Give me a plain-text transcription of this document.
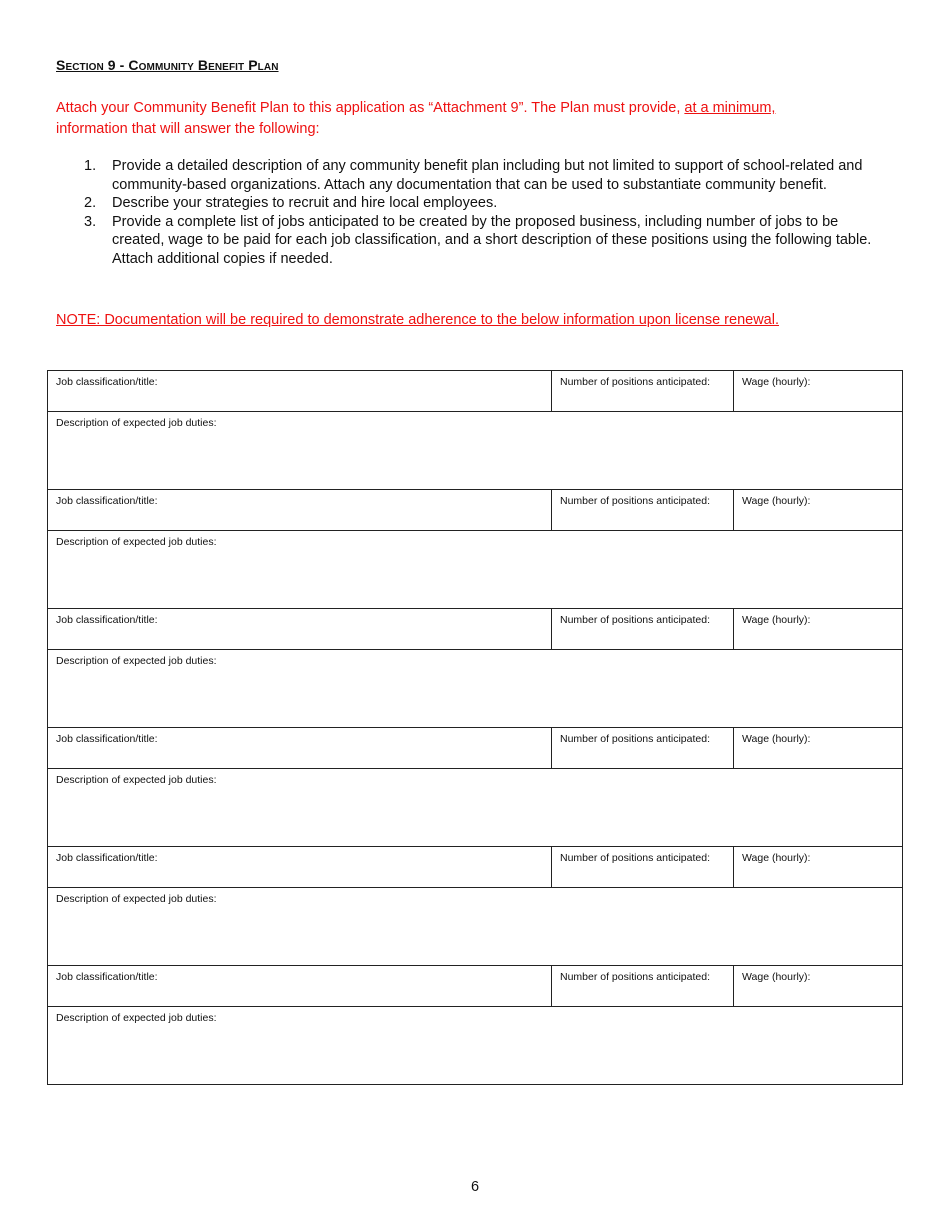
Section 9 - Community Benefit Plan
Attach your Community Benefit Plan to this application as “Attachment 9”. The Plan must provide, at a minimum,
information that will answer the following:
1. Provide a detailed description of any community benefit plan including but not limited to support of school-related and community-based organizations. Attach any documentation that can be used to substantiate community benefit.
2. Describe your strategies to recruit and hire local employees.
3. Provide a complete list of jobs anticipated to be created by the proposed business, including number of jobs to be created, wage to be paid for each job classification, and a short description of these positions using the following table. Attach additional copies if needed.
NOTE: Documentation will be required to demonstrate adherence to the below information upon license renewal.
Job classification/title:	Number of positions anticipated:	Wage (hourly):
Description of expected job duties:		
Job classification/title:	Number of positions anticipated:	Wage (hourly):
Description of expected job duties:		
Job classification/title:	Number of positions anticipated:	Wage (hourly):
Description of expected job duties:		
Job classification/title:	Number of positions anticipated:	Wage (hourly):
Description of expected job duties:		
Job classification/title:	Number of positions anticipated:	Wage (hourly):
Description of expected job duties:		
Job classification/title:	Number of positions anticipated:	Wage (hourly):
Description of expected job duties:		
6
